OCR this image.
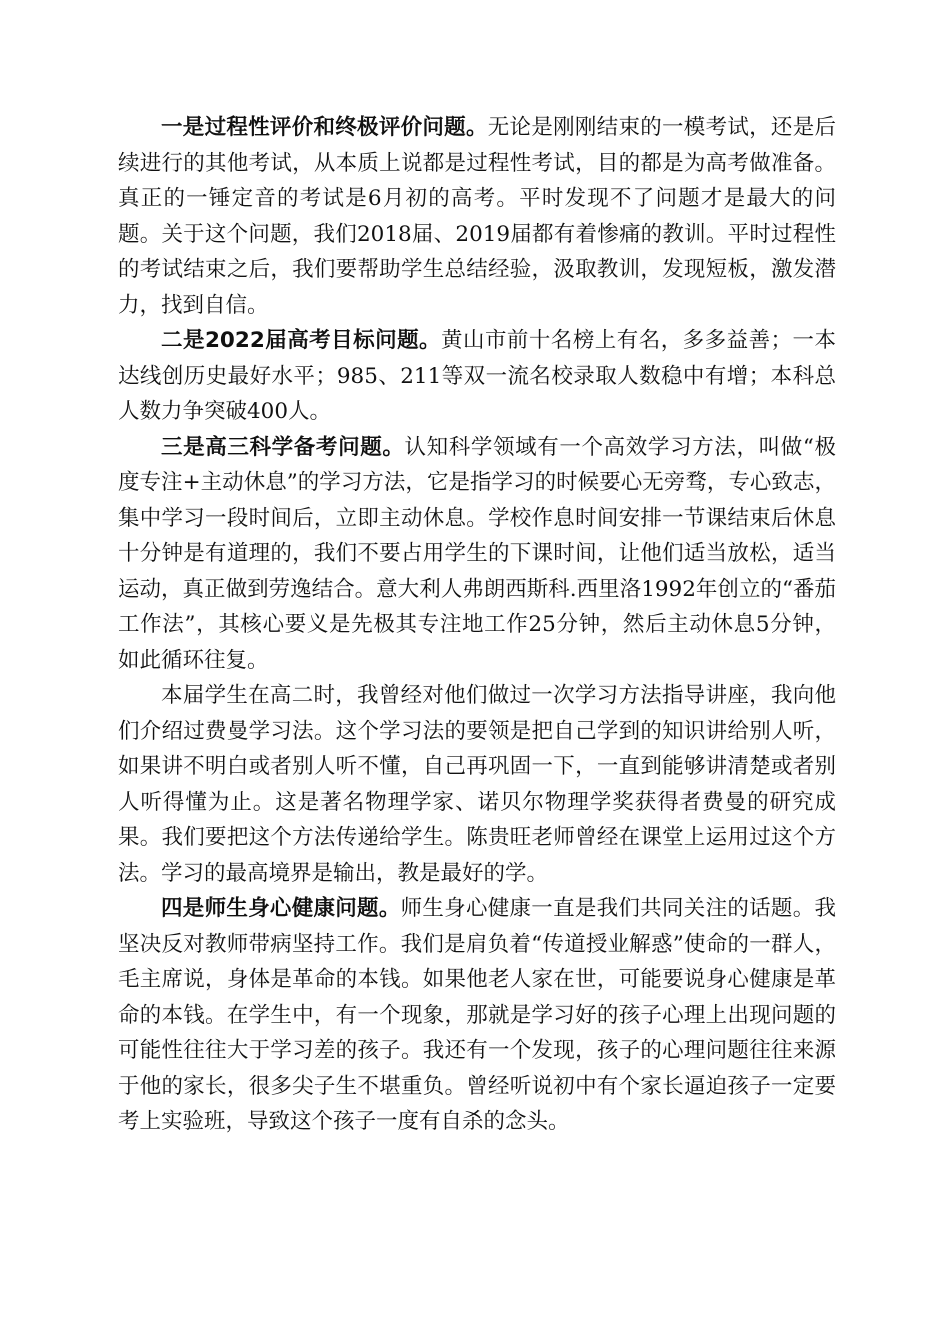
一是过程性评价和终极评价问题。无论是刚刚结束的一模考试，还是后续进行的其他考试，从本质上说都是过程性考试，目的都是为高考做准备。真正的一锤定音的考试是6月初的高考。平时发现不了问题才是最大的问题。关于这个问题，我们2018届、2019届都有着惨痛的教训。平时过程性的考试结束之后，我们要帮助学生总结经验，汲取教训，发现短板，激发潜力，找到自信。

二是2022届高考目标问题。黄山市前十名榜上有名，多多益善；一本达线创历史最好水平；985、211等双一流名校录取人数稳中有增；本科总人数力争突破400人。

三是高三科学备考问题。认知科学领域有一个高效学习方法，叫做“极度专注+主动休息”的学习方法，它是指学习的时候要心无旁骛，专心致志，集中学习一段时间后，立即主动休息。学校作息时间安排一节课结束后休息十分钟是有道理的，我们不要占用学生的下课时间，让他们适当放松，适当运动，真正做到劳逸结合。意大利人弗朗西斯科.西里洛1992年创立的“番茄工作法”，其核心要义是先极其专注地工作25分钟，然后主动休息5分钟，如此循环往复。

本届学生在高二时，我曾经对他们做过一次学习方法指导讲座，我向他们介绍过费曼学习法。这个学习法的要领是把自己学到的知识讲给别人听，如果讲不明白或者别人听不懂，自己再巩固一下，一直到能够讲清楚或者别人听得懂为止。这是著名物理学家、诺贝尔物理学奖获得者费曼的研究成果。我们要把这个方法传递给学生。陈贵旺老师曾经在课堂上运用过这个方法。学习的最高境界是输出，教是最好的学。

四是师生身心健康问题。师生身心健康一直是我们共同关注的话题。我坚决反对教师带病坚持工作。我们是肩负着“传道授业解惑”使命的一群人，毛主席说，身体是革命的本钱。如果他老人家在世，可能要说身心健康是革命的本钱。在学生中，有一个现象，那就是学习好的孩子心理上出现问题的可能性往往大于学习差的孩子。我还有一个发现，孩子的心理问题往往来源于他的家长，很多尖子生不堪重负。曾经听说初中有个家长逼迫孩子一定要考上实验班，导致这个孩子一度有自杀的念头。
